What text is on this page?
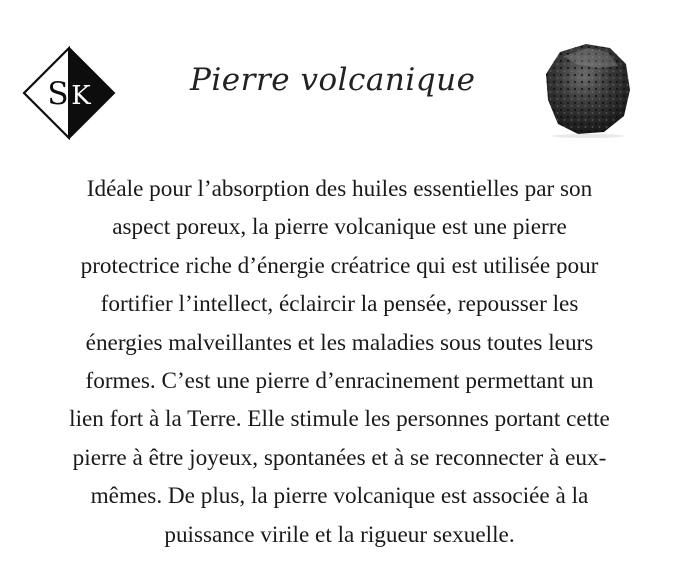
S K	Pierre volcanique

Idéale pour l’absorption des huiles essentielles par son
aspect poreux, la pierre volcanique est une pierre
protectrice riche d’énergie créatrice qui est utilisée pour
fortifier l’intellect, éclaircir la pensée, repousser les
énergies malveillantes et les maladies sous toutes leurs
formes. C’est une pierre d’enracinement permettant un
lien fort à la Terre. Elle stimule les personnes portant cette
pierre à être joyeux, spontanées et à se reconnecter à eux-
mêmes. De plus, la pierre volcanique est associée à la
puissance virile et la rigueur sexuelle.
